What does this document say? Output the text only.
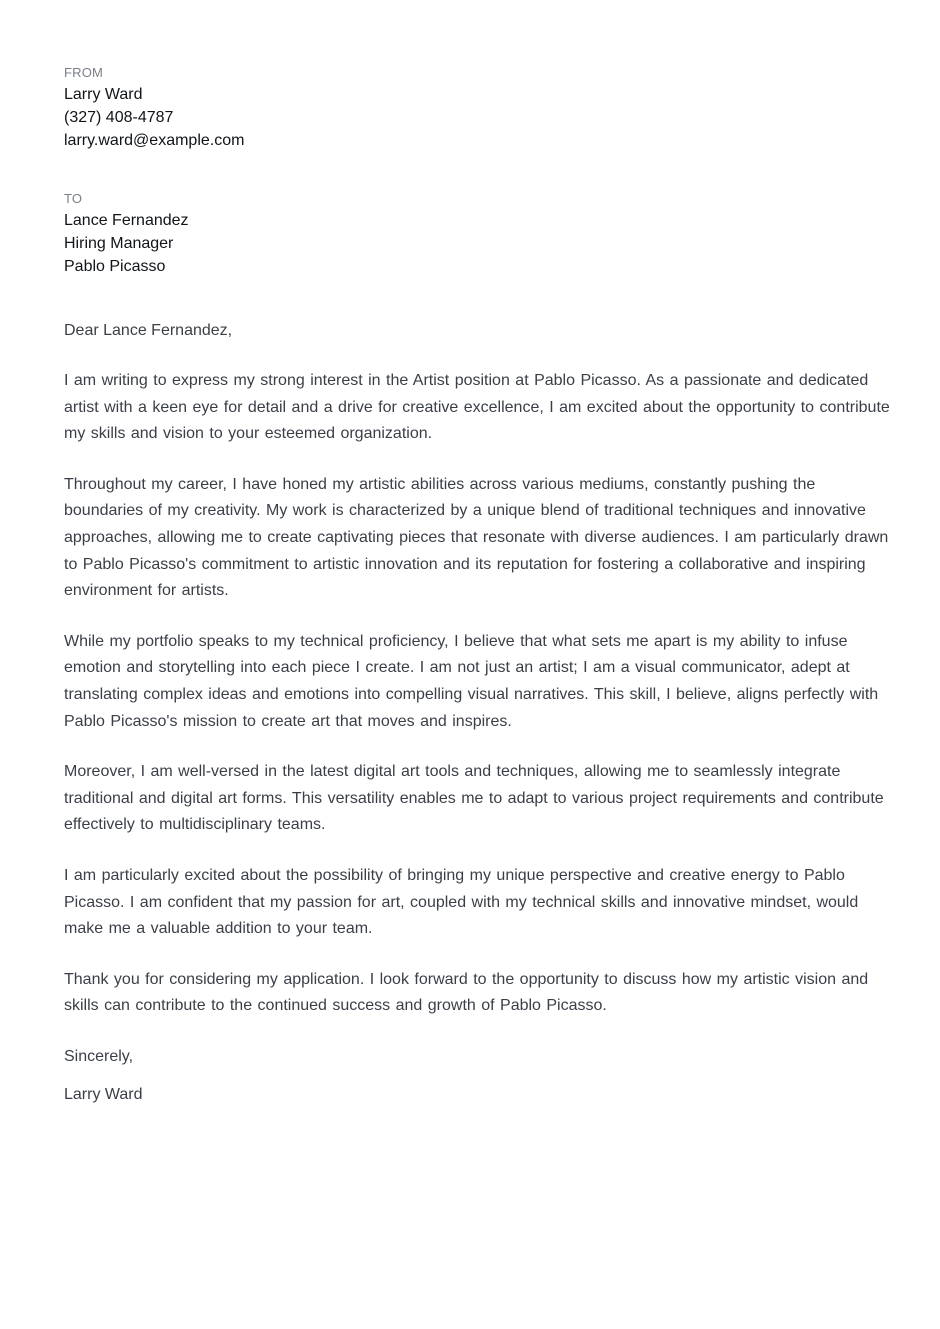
FROM

Larry Ward

(327) 408-4787

larry.ward@example.com

TO

Lance Fernandez

Hiring Manager

Pablo Picasso

Dear Lance Fernandez,

I am writing to express my strong interest in the Artist position at Pablo Picasso. As a passionate and dedicated artist with a keen eye for detail and a drive for creative excellence, I am excited about the opportunity to contribute my skills and vision to your esteemed organization.

Throughout my career, I have honed my artistic abilities across various mediums, constantly pushing the boundaries of my creativity. My work is characterized by a unique blend of traditional techniques and innovative approaches, allowing me to create captivating pieces that resonate with diverse audiences. I am particularly drawn to Pablo Picasso's commitment to artistic innovation and its reputation for fostering a collaborative and inspiring environment for artists.

While my portfolio speaks to my technical proficiency, I believe that what sets me apart is my ability to infuse emotion and storytelling into each piece I create. I am not just an artist; I am a visual communicator, adept at translating complex ideas and emotions into compelling visual narratives. This skill, I believe, aligns perfectly with Pablo Picasso's mission to create art that moves and inspires.

Moreover, I am well-versed in the latest digital art tools and techniques, allowing me to seamlessly integrate traditional and digital art forms. This versatility enables me to adapt to various project requirements and contribute effectively to multidisciplinary teams.

I am particularly excited about the possibility of bringing my unique perspective and creative energy to Pablo Picasso. I am confident that my passion for art, coupled with my technical skills and innovative mindset, would make me a valuable addition to your team.

Thank you for considering my application. I look forward to the opportunity to discuss how my artistic vision and skills can contribute to the continued success and growth of Pablo Picasso.

Sincerely,

Larry Ward
